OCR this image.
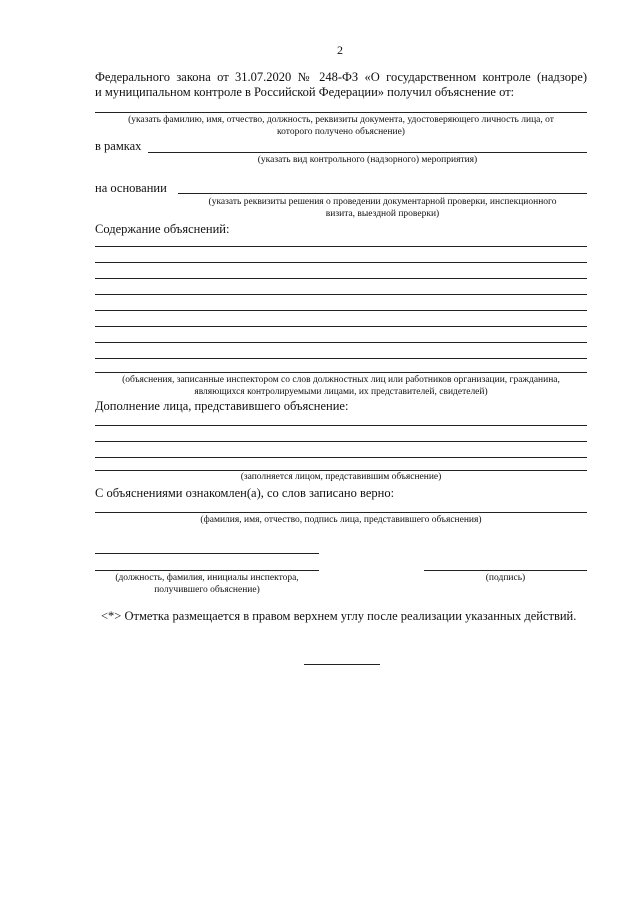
2
Федерального закона от 31.07.2020 № 248-ФЗ «О государственном контроле (надзоре)
и муниципальном контроле в Российской Федерации» получил объяснение от:
(указать фамилию, имя, отчество, должность, реквизиты документа, удостоверяющего личность лица, от
которого получено объяснение)
в рамках
(указать вид контрольного (надзорного) мероприятия)
на основании
(указать реквизиты решения о проведении документарной проверки, инспекционного
визита, выездной проверки)
Содержание объяснений:
(объяснения, записанные инспектором со слов должностных лиц или работников организации, гражданина,
являющихся контролируемыми лицами, их представителей, свидетелей)
Дополнение лица, представившего объяснение:
(заполняется лицом, представившим объяснение)
С объяснениями ознакомлен(а), со слов записано верно:
(фамилия, имя, отчество, подпись лица, представившего объяснения)
(должность, фамилия, инициалы инспектора,
получившего объяснение)
(подпись)
<*> Отметка размещается в правом верхнем углу после реализации указанных действий.
